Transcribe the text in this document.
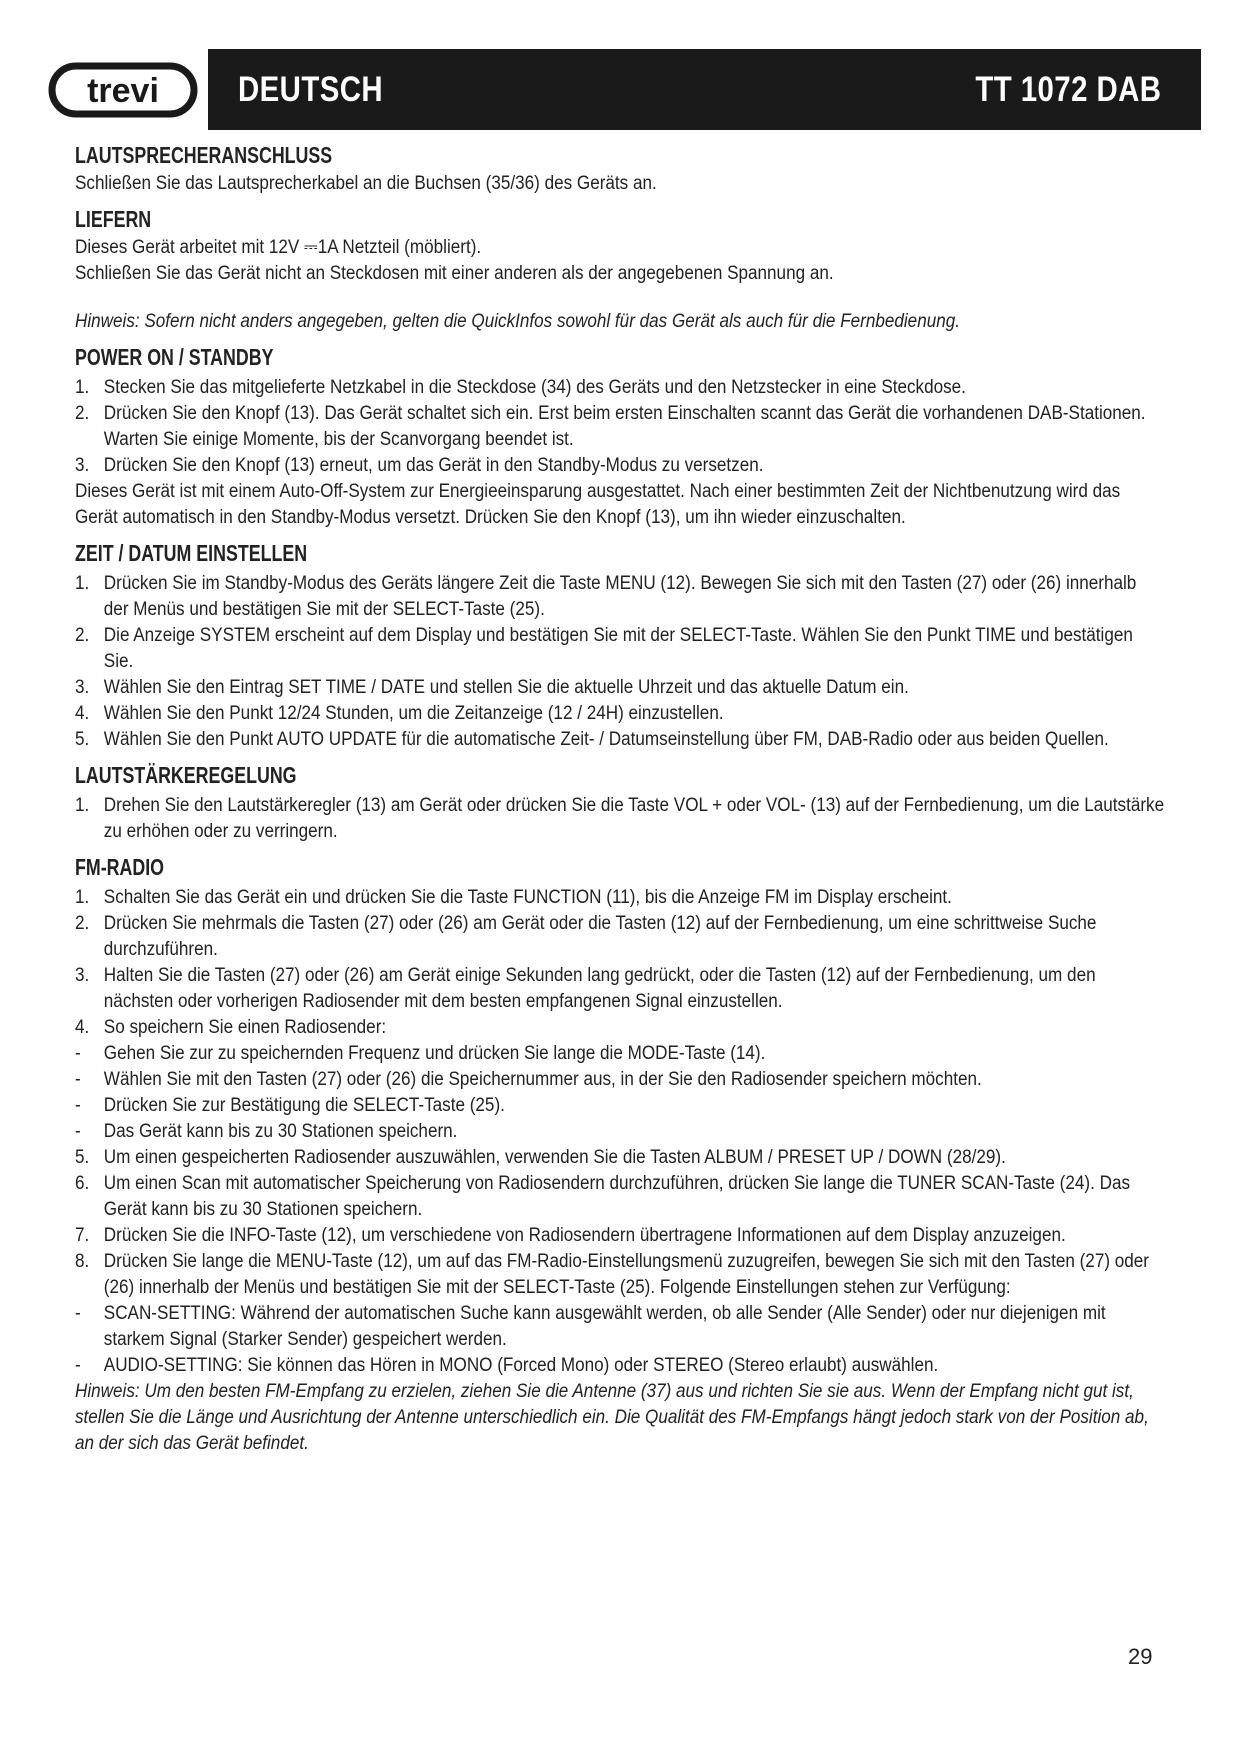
trevi DEUTSCH	TT 1072 DAB
LAUTSPRECHERANSCHLUSS

Schließen Sie das Lautsprecherkabel an die Buchsen (35/36) des Geräts an.

LIEFERN

Dieses Gerät arbeitet mit 12V ⎓1A Netzteil (möbliert).

Schließen Sie das Gerät nicht an Steckdosen mit einer anderen als der angegebenen Spannung an.

Hinweis: Sofern nicht anders angegeben, gelten die QuickInfos sowohl für das Gerät als auch für die Fernbedienung.

POWER ON / STANDBY
1. Stecken Sie das mitgelieferte Netzkabel in die Steckdose (34) des Geräts und den Netzstecker in eine Steckdose.
2. Drücken Sie den Knopf (13). Das Gerät schaltet sich ein. Erst beim ersten Einschalten scannt das Gerät die vorhandenen DAB-Stationen. Warten Sie einige Momente, bis der Scanvorgang beendet ist.
3. Drücken Sie den Knopf (13) erneut, um das Gerät in den Standby-Modus zu versetzen.

Dieses Gerät ist mit einem Auto-Off-System zur Energieeinsparung ausgestattet. Nach einer bestimmten Zeit der Nichtbenutzung wird das Gerät automatisch in den Standby-Modus versetzt. Drücken Sie den Knopf (13), um ihn wieder einzuschalten.

ZEIT / DATUM EINSTELLEN
1. Drücken Sie im Standby-Modus des Geräts längere Zeit die Taste MENU (12). Bewegen Sie sich mit den Tasten (27) oder (26) innerhalb der Menüs und bestätigen Sie mit der SELECT-Taste (25).
2. Die Anzeige SYSTEM erscheint auf dem Display und bestätigen Sie mit der SELECT-Taste. Wählen Sie den Punkt TIME und bestätigen Sie.
3. Wählen Sie den Eintrag SET TIME / DATE und stellen Sie die aktuelle Uhrzeit und das aktuelle Datum ein.
4. Wählen Sie den Punkt 12/24 Stunden, um die Zeitanzeige (12 / 24H) einzustellen.
5. Wählen Sie den Punkt AUTO UPDATE für die automatische Zeit- / Datumseinstellung über FM, DAB-Radio oder aus beiden Quellen.
LAUTSTÄRKEREGELUNG
1. Drehen Sie den Lautstärkeregler (13) am Gerät oder drücken Sie die Taste VOL + oder VOL- (13) auf der Fernbedienung, um die Lautstärke zu erhöhen oder zu verringern.
FM-RADIO
1. Schalten Sie das Gerät ein und drücken Sie die Taste FUNCTION (11), bis die Anzeige FM im Display erscheint.
2. Drücken Sie mehrmals die Tasten (27) oder (26) am Gerät oder die Tasten (12) auf der Fernbedienung, um eine schrittweise Suche durchzuführen.
3. Halten Sie die Tasten (27) oder (26) am Gerät einige Sekunden lang gedrückt, oder die Tasten (12) auf der Fernbedienung, um den nächsten oder vorherigen Radiosender mit dem besten empfangenen Signal einzustellen.
4. So speichern Sie einen Radiosender:
-	Gehen Sie zur zu speichernden Frequenz und drücken Sie lange die MODE-Taste (14).
-	Wählen Sie mit den Tasten (27) oder (26) die Speichernummer aus, in der Sie den Radiosender speichern möchten.
-	Drücken Sie zur Bestätigung die SELECT-Taste (25).
-	Das Gerät kann bis zu 30 Stationen speichern.
5. Um einen gespeicherten Radiosender auszuwählen, verwenden Sie die Tasten ALBUM / PRESET UP / DOWN (28/29).
6. Um einen Scan mit automatischer Speicherung von Radiosendern durchzuführen, drücken Sie lange die TUNER SCAN-Taste (24). Das Gerät kann bis zu 30 Stationen speichern.
7. Drücken Sie die INFO-Taste (12), um verschiedene von Radiosendern übertragene Informationen auf dem Display anzuzeigen.
8. Drücken Sie lange die MENU-Taste (12), um auf das FM-Radio-Einstellungsmenü zuzugreifen, bewegen Sie sich mit den Tasten (27) oder (26) innerhalb der Menüs und bestätigen Sie mit der SELECT-Taste (25). Folgende Einstellungen stehen zur Verfügung:
-	SCAN-SETTING: Während der automatischen Suche kann ausgewählt werden, ob alle Sender (Alle Sender) oder nur diejenigen mit starkem Signal (Starker Sender) gespeichert werden.
-	AUDIO-SETTING: Sie können das Hören in MONO (Forced Mono) oder STEREO (Stereo erlaubt) auswählen.

Hinweis: Um den besten FM-Empfang zu erzielen, ziehen Sie die Antenne (37) aus und richten Sie sie aus. Wenn der Empfang nicht gut ist, stellen Sie die Länge und Ausrichtung der Antenne unterschiedlich ein. Die Qualität des FM-Empfangs hängt jedoch stark von der Position ab, an der sich das Gerät befindet.

29
